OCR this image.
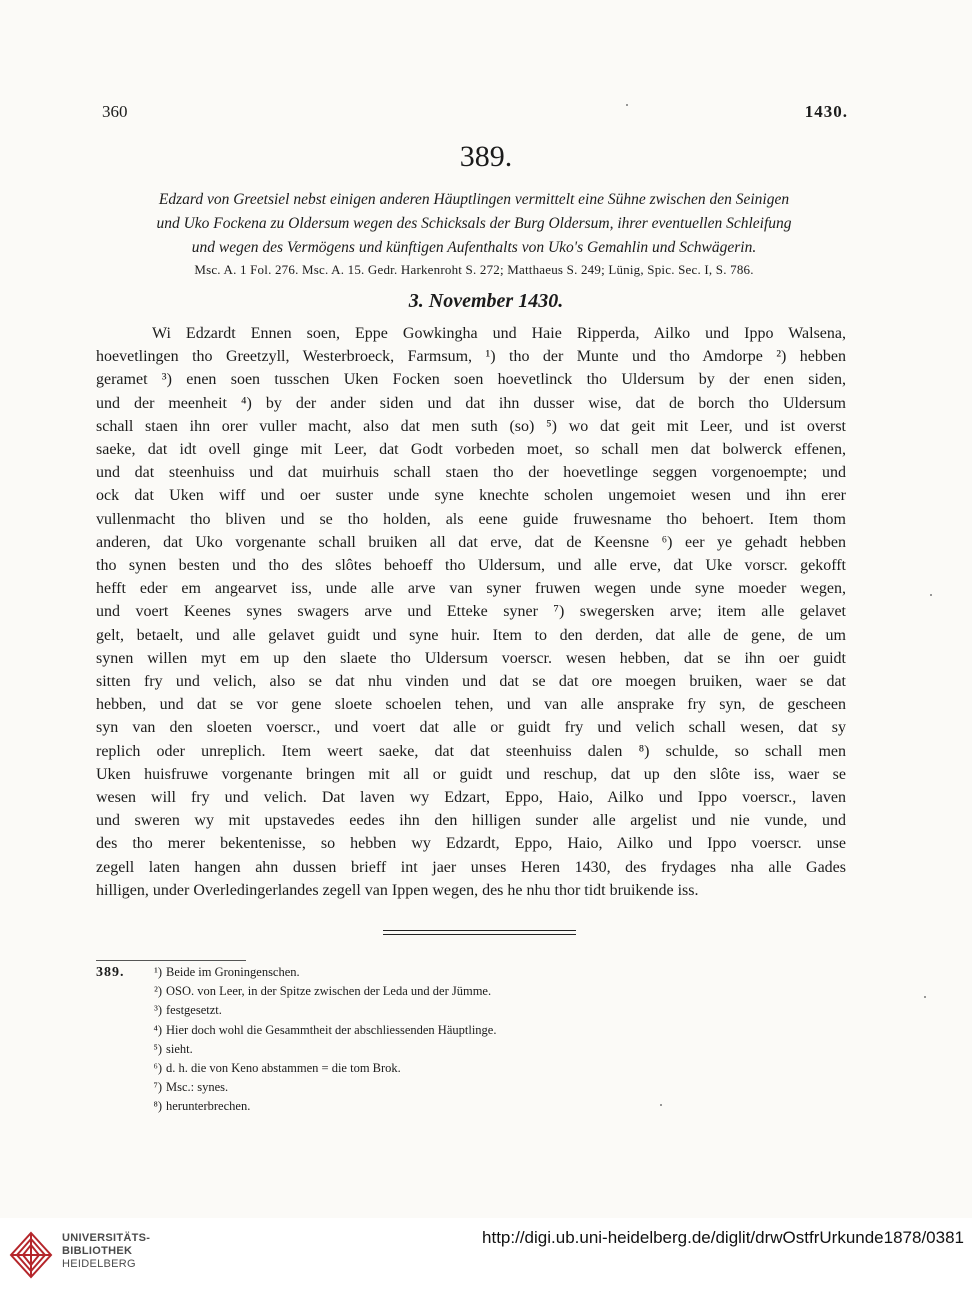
360	1430.
389.
Edzard von Greetsiel nebst einigen anderen Häuptlingen vermittelt eine Sühne zwischen den Seinigen
und Uko Fockena zu Oldersum wegen des Schicksals der Burg Oldersum, ihrer eventuellen Schleifung
und wegen des Vermögens und künftigen Aufenthalts von Uko's Gemahlin und Schwägerin.
Msc. A. 1 Fol. 276. Msc. A. 15. Gedr. Harkenroht S. 272; Matthaeus S. 249; Lünig, Spic. Sec. I, S. 786.
3. November 1430.
Wi Edzardt Ennen soen, Eppe Gowkingha und Haie Ripperda, Ailko und Ippo Walsena,
hoevetlingen tho Greetzyll, Westerbroeck, Farmsum, ¹) tho der Munte und tho Amdorpe ²) hebben
geramet ³) enen soen tusschen Uken Focken soen hoevetlinck tho Uldersum by der enen siden,
und der meenheit ⁴) by der ander siden und dat ihn dusser wise, dat de borch tho Uldersum
schall staen ihn orer vuller macht, also dat men suth (so) ⁵) wo dat geit mit Leer, und ist overst
saeke, dat idt ovell ginge mit Leer, dat Godt vorbeden moet, so schall men dat bolwerck effenen,
und dat steenhuiss und dat muirhuis schall staen tho der hoevetlinge seggen vorgenoempte; und
ock dat Uken wiff und oer suster unde syne knechte scholen ungemoiet wesen und ihn erer
vullenmacht tho bliven und se tho holden, als eene guide fruwesname tho behoert. Item thom
anderen, dat Uko vorgenante schall bruiken all dat erve, dat de Keensne ⁶) eer ye gehadt hebben
tho synen besten und tho des slôtes behoeff tho Uldersum, und alle erve, dat Uke vorscr. gekofft
hefft eder em angearvet iss, unde alle arve van syner fruwen wegen unde syne moeder wegen,
und voert Keenes synes swagers arve und Etteke syner ⁷) swegersken arve; item alle gelavet
gelt, betaelt, und alle gelavet guidt und syne huir. Item to den derden, dat alle de gene, de um
synen willen myt em up den slaete tho Uldersum voerscr. wesen hebben, dat se ihn oer guidt
sitten fry und velich, also se dat nhu vinden und dat se dat ore moegen bruiken, waer se dat
hebben, und dat se vor gene sloete schoelen tehen, und van alle ansprake fry syn, de gescheen
syn van den sloeten voerscr., und voert dat alle or guidt fry und velich schall wesen, dat sy
replich oder unreplich. Item weert saeke, dat dat steenhuiss dalen ⁸) schulde, so schall men
Uken huisfruwe vorgenante bringen mit all or guidt und reschup, dat up den slôte iss, waer se
wesen will fry und velich. Dat laven wy Edzart, Eppo, Haio, Ailko und Ippo voerscr., laven
und sweren wy mit upstavedes eedes ihn den hilligen sunder alle argelist und nie vunde, und
des tho merer bekentenisse, so hebben wy Edzardt, Eppo, Haio, Ailko und Ippo voerscr. unse
zegell laten hangen ahn dussen brieff int jaer unses Heren 1430, des frydages nha alle Gades
hilligen, under Overledingerlandes zegell van Ippen wegen, des he nhu thor tidt bruikende iss.
389.	¹) Beide im Groningenschen.
²) OSO. von Leer, in der Spitze zwischen der Leda und der Jümme.
³) festgesetzt.
⁴) Hier doch wohl die Gesammtheit der abschliessenden Häuptlinge.
⁵) sieht.
⁶) d. h. die von Keno abstammen = die tom Brok.
⁷) Msc.: synes.
⁸) herunterbrechen.
UNIVERSITÄTS-
BIBLIOTHEK
HEIDELBERG
http://digi.ub.uni-heidelberg.de/diglit/drwOstfrUrkunde1878/0381
